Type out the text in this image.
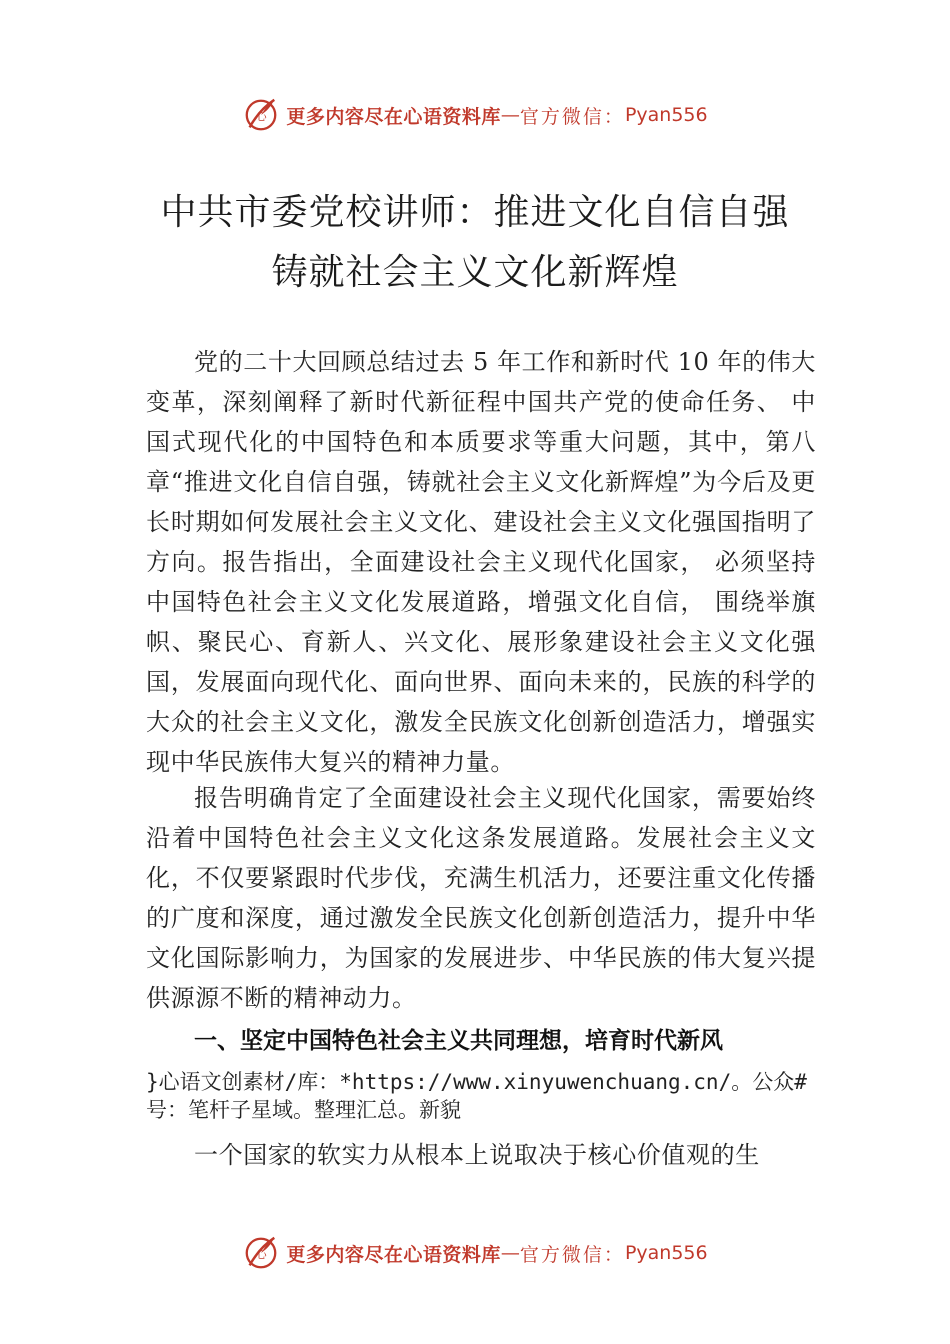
心 更多内容尽在心语资料库 — 官方微信： Pyan556
中共市委党校讲师：推进文化自信自强 铸就社会主义文化新辉煌
党的二十大回顾总结过去 5 年工作和新时代 10 年的伟大变革，深刻阐释了新时代新征程中国共产党的使命任务、 中国式现代化的中国特色和本质要求等重大问题，其中，第八章“推进文化自信自强，铸就社会主义文化新辉煌”为今后及更长时期如何发展社会主义文化、建设社会主义文化强国指明了方向。报告指出，全面建设社会主义现代化国家， 必须坚持中国特色社会主义文化发展道路，增强文化自信， 围绕举旗帜、聚民心、育新人、兴文化、展形象建设社会主义文化强国，发展面向现代化、面向世界、面向未来的，民族的科学的大众的社会主义文化，激发全民族文化创新创造活力，增强实现中华民族伟大复兴的精神力量。
报告明确肯定了全面建设社会主义现代化国家，需要始终沿着中国特色社会主义文化这条发展道路。发展社会主义文化，不仅要紧跟时代步伐，充满生机活力，还要注重文化传播的广度和深度，通过激发全民族文化创新创造活力，提升中华文化国际影响力，为国家的发展进步、中华民族的伟大复兴提供源源不断的精神动力。
一、坚定中国特色社会主义共同理想，培育时代新风
}心语文创素材/库：*https://www.xinyuwenchuang.cn/。公众#号：笔杆子星域。整理汇总。新貌
一个国家的软实力从根本上说取决于核心价值观的生
心 更多内容尽在心语资料库 — 官方微信： Pyan556
